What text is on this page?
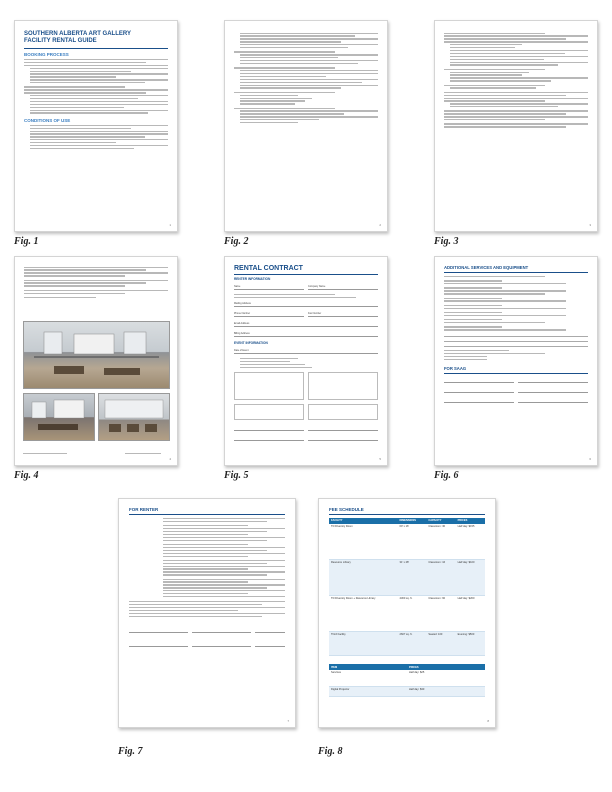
SOUTHERN ALBERTA ART GALLERY FACILITY RENTAL GUIDE
BOOKING PROCESS
CONDITIONS OF USE
1
Fig. 1
2
Fig. 2
3
Fig. 3
4
Fig. 4
RENTAL CONTRACT
RENTER INFORMATION
Name	Company Name
Mailing Address
Phone Number	Fax Number
Email Address
Billing Address
EVENT INFORMATION
Date of Event
5
Fig. 5
ADDITIONAL SERVICES AND EQUIPMENT
FOR SAAG
6
Fig. 6
FOR RENTER
7
Fig. 7
FEE SCHEDULE
FACILITY	DIMENSIONS	CAPACITY	PRICES
TD Diversity Room	60' x 16'	Classroom: 30	Half day: $155
Resource Library	31' x 28'	Classroom: 16	Half day: $100
TD Diversity Room + Resource Library	4300 sq. ft.	Classroom: 60	Half day: $200
Third Facility	2607 sq. ft.	Seated: 100	Evening: $500
ITEM	PRICES
Services	Half day: $25
Digital Projector	Half day: $30
8
Fig. 8
